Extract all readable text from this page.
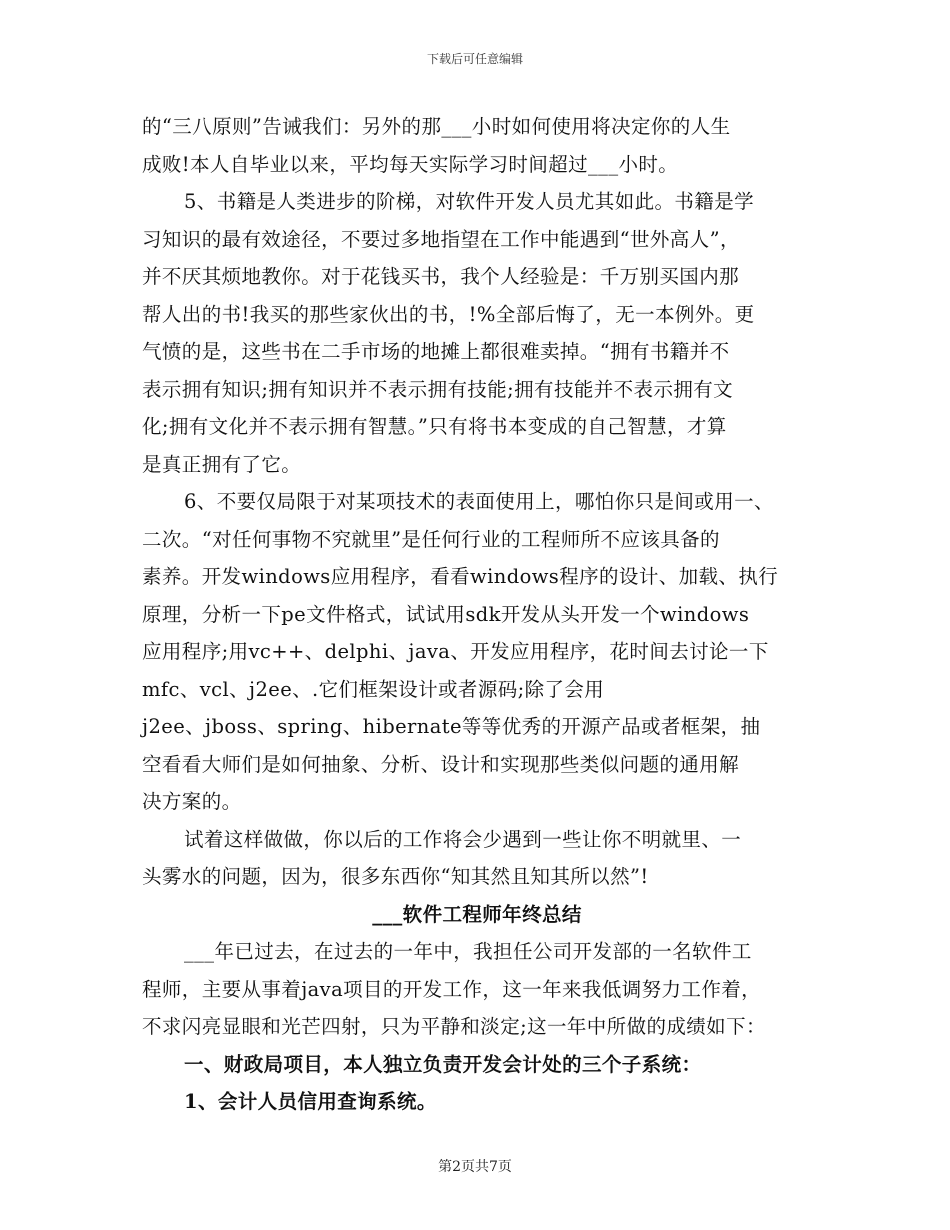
下载后可任意编辑
的“三八原则”告诫我们：另外的那___小时如何使用将决定你的人生
成败!本人自毕业以来，平均每天实际学习时间超过___小时。
5、书籍是人类进步的阶梯，对软件开发人员尤其如此。书籍是学
习知识的最有效途径，不要过多地指望在工作中能遇到“世外高人”，
并不厌其烦地教你。对于花钱买书，我个人经验是：千万别买国内那
帮人出的书!我买的那些家伙出的书，!%全部后悔了，无一本例外。更
气愤的是，这些书在二手市场的地摊上都很难卖掉。“拥有书籍并不
表示拥有知识;拥有知识并不表示拥有技能;拥有技能并不表示拥有文
化;拥有文化并不表示拥有智慧。”只有将书本变成的自己智慧，才算
是真正拥有了它。
6、不要仅局限于对某项技术的表面使用上，哪怕你只是间或用一、
二次。“对任何事物不究就里”是任何行业的工程师所不应该具备的
素养。开发windows应用程序，看看windows程序的设计、加载、执行
原理，分析一下pe文件格式，试试用sdk开发从头开发一个windows
应用程序;用vc++、delphi、java、开发应用程序，花时间去讨论一下
mfc、vcl、j2ee、.它们框架设计或者源码;除了会用
j2ee、jboss、spring、hibernate等等优秀的开源产品或者框架，抽
空看看大师们是如何抽象、分析、设计和实现那些类似问题的通用解
决方案的。
试着这样做做，你以后的工作将会少遇到一些让你不明就里、一
头雾水的问题，因为，很多东西你“知其然且知其所以然”!
___软件工程师年终总结
___年已过去，在过去的一年中，我担任公司开发部的一名软件工
程师，主要从事着java项目的开发工作，这一年来我低调努力工作着，
不求闪亮显眼和光芒四射，只为平静和淡定;这一年中所做的成绩如下：
一、财政局项目，本人独立负责开发会计处的三个子系统：
1、会计人员信用查询系统。
第2页共7页
